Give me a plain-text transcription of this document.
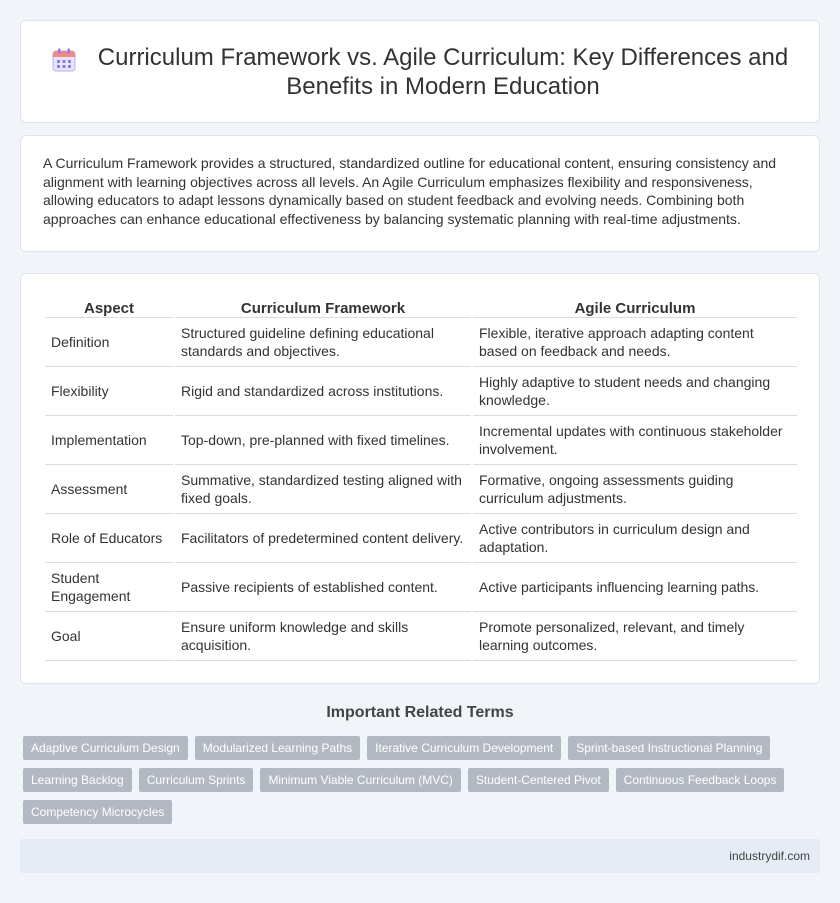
Curriculum Framework vs. Agile Curriculum: Key Differences and Benefits in Modern Education

A Curriculum Framework provides a structured, standardized outline for educational content, ensuring consistency and alignment with learning objectives across all levels. An Agile Curriculum emphasizes flexibility and responsiveness, allowing educators to adapt lessons dynamically based on student feedback and evolving needs. Combining both approaches can enhance educational effectiveness by balancing systematic planning with real-time adjustments.

Aspect	Curriculum Framework	Agile Curriculum
Definition	Structured guideline defining educational standards and objectives.	Flexible, iterative approach adapting content based on feedback and needs.
Flexibility	Rigid and standardized across institutions.	Highly adaptive to student needs and changing knowledge.
Implementation	Top-down, pre-planned with fixed timelines.	Incremental updates with continuous stakeholder involvement.
Assessment	Summative, standardized testing aligned with fixed goals.	Formative, ongoing assessments guiding curriculum adjustments.
Role of Educators	Facilitators of predetermined content delivery.	Active contributors in curriculum design and adaptation.
Student Engagement	Passive recipients of established content.	Active participants influencing learning paths.
Goal	Ensure uniform knowledge and skills acquisition.	Promote personalized, relevant, and timely learning outcomes.
Important Related Terms
Adaptive Curriculum Design	Modularized Learning Paths	Iterative Curriculum Development	Sprint-based Instructional Planning
Learning Backlog	Curriculum Sprints	Minimum Viable Curriculum (MVC)	Student-Centered Pivot	Continuous Feedback Loops
Competency Microcycles
industrydif.com
